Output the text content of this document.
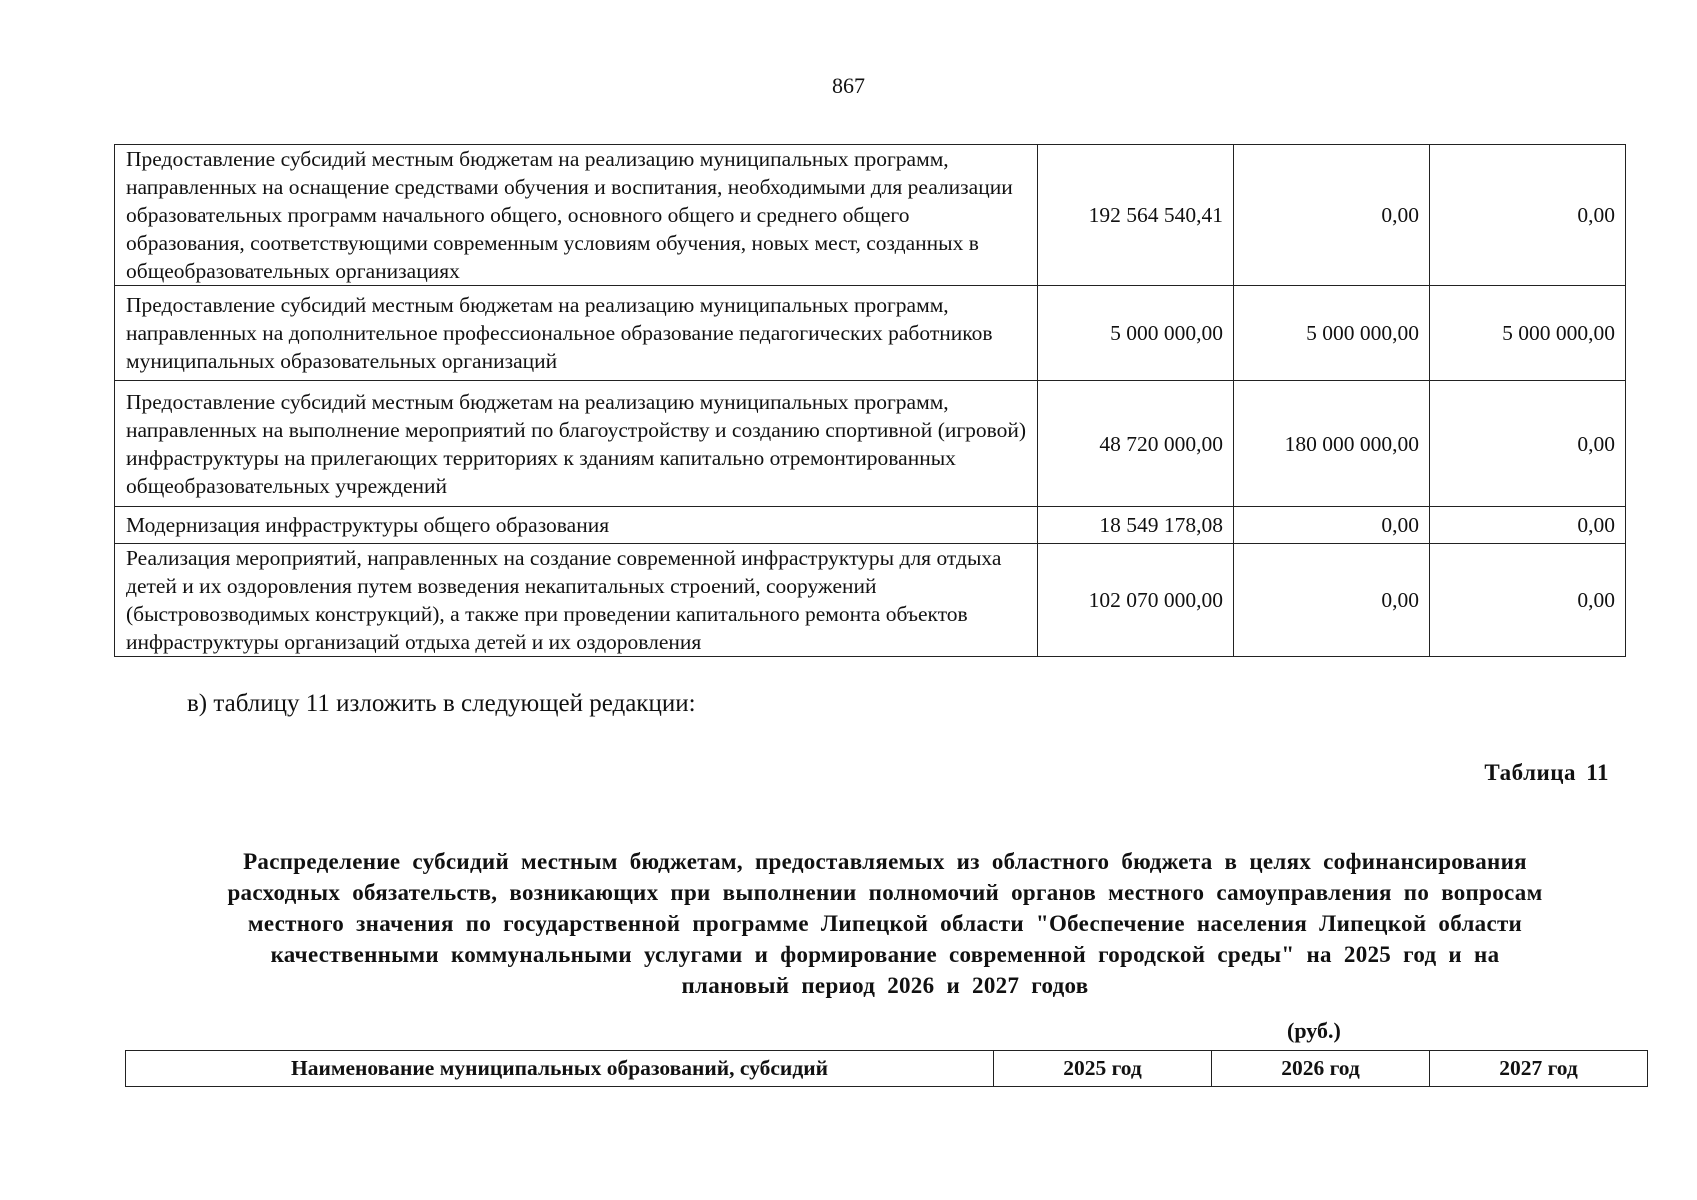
867
Предоставление субсидий местным бюджетам на реализацию муниципальных программ, направленных на оснащение средствами обучения и воспитания, необходимыми для реализации образовательных программ начального общего, основного общего и среднего общего образования, соответствующими современным условиям обучения, новых мест, созданных в общеобразовательных организациях	192 564 540,41	0,00	0,00
Предоставление субсидий местным бюджетам на реализацию муниципальных программ, направленных на дополнительное профессиональное образование педагогических работников муниципальных образовательных организаций	5 000 000,00	5 000 000,00	5 000 000,00
Предоставление субсидий местным бюджетам на реализацию муниципальных программ, направленных на выполнение мероприятий по благоустройству и созданию спортивной (игровой) инфраструктуры на прилегающих территориях к зданиям капитально отремонтированных общеобразовательных учреждений	48 720 000,00	180 000 000,00	0,00
Модернизация инфраструктуры общего образования	18 549 178,08	0,00	0,00
Реализация мероприятий, направленных на создание современной инфраструктуры для отдыха детей и их оздоровления путем возведения некапитальных строений, сооружений (быстровозводимых конструкций), а также при проведении капитального ремонта объектов инфраструктуры организаций отдыха детей и их оздоровления	102 070 000,00	0,00	0,00
в) таблицу 11 изложить в следующей редакции:
Таблица 11
Распределение субсидий местным бюджетам, предоставляемых из областного бюджета в целях софинансирования
расходных обязательств, возникающих при выполнении полномочий органов местного самоуправления по вопросам
местного значения по государственной программе Липецкой области "Обеспечение населения Липецкой области
качественными коммунальными услугами и формирование современной городской среды" на 2025 год и на
плановый период 2026 и 2027 годов
(руб.)
Наименование муниципальных образований, субсидий	2025 год	2026 год	2027 год
